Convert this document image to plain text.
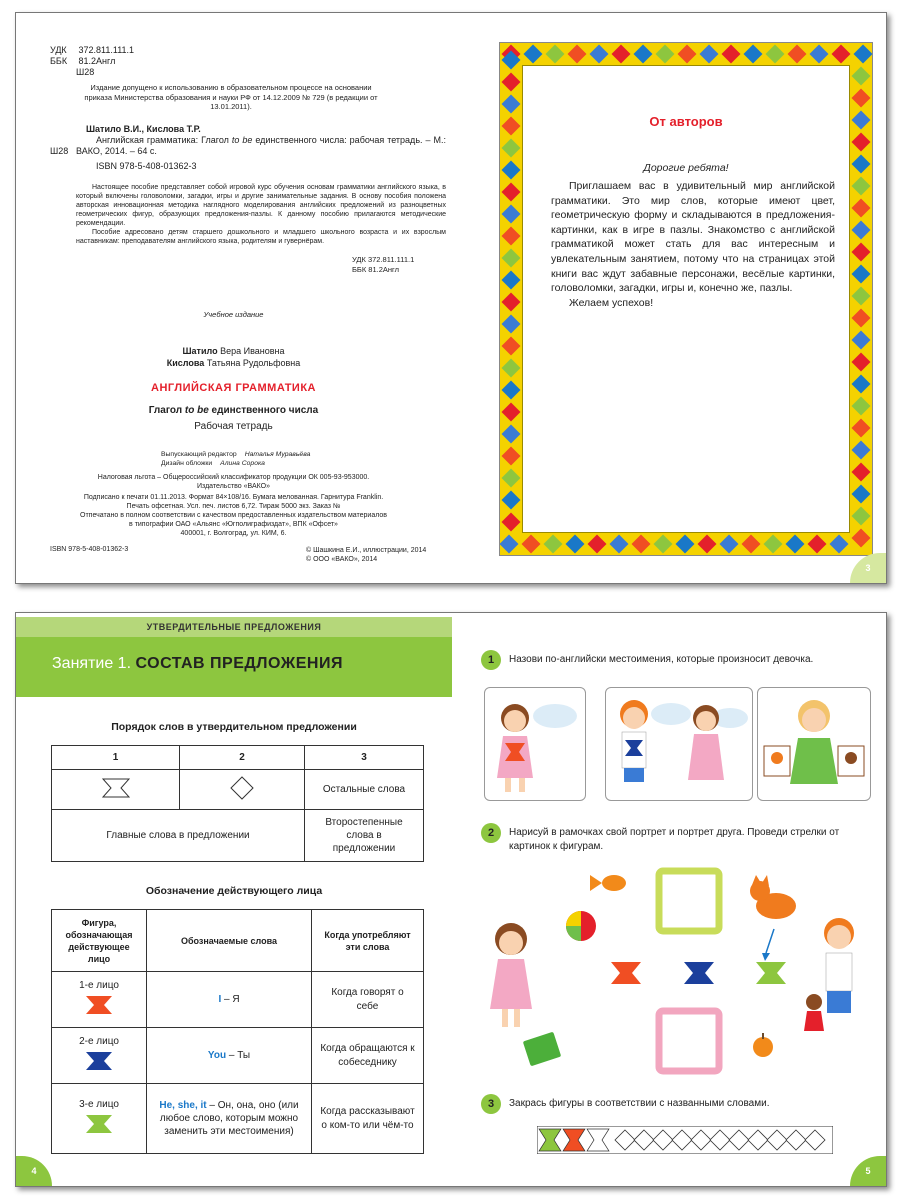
УДК 372.811.111.1
ББК 81.2Англ
Ш28
Издание допущено к использованию в образовательном процессе на основании приказа Министерства образования и науки РФ от 14.12.2009 № 729 (в редакции от 13.01.2011).
Шатило В.И., Кислова Т.Р.
Английская грамматика: Глагол to be единственного числа: рабочая тетрадь. – М.: ВАКО, 2014. – 64 с.
ISBN 978-5-408-01362-3
Ш28
Настоящее пособие представляет собой игровой курс обучения основам грамматики английского языка, в который включены головоломки, загадки, игры и другие занимательные задания. В основу пособия положена авторская инновационная методика наглядного моделирования английских предложений из разноцветных геометрических фигур, образующих предложения-пазлы. К данному пособию прилагаются методические рекомендации.
Пособие адресовано детям старшего дошкольного и младшего школьного возраста и их взрослым наставникам: преподавателям английского языка, родителям и гувернёрам.
УДК 372.811.111.1
ББК 81.2Англ
Учебное издание
Шатило Вера Ивановна
Кислова Татьяна Рудольфовна
АНГЛИЙСКАЯ ГРАММАТИКА
Глагол to be единственного числа
Рабочая тетрадь
Выпускающий редактор Наталья Муравьёва
Дизайн обложки Алина Сорока
Налоговая льгота – Общероссийский классификатор продукции ОК 005-93-953000.
Издательство «ВАКО»
Подписано к печати 01.11.2013. Формат 84×108/16. Бумага мелованная. Гарнитура Franklin.
Печать офсетная. Усл. печ. листов 6,72. Тираж 5000 экз. Заказ №
Отпечатано в полном соответствии с качеством предоставленных издательством материалов
в типографии ОАО «Альянс «Югполиграфиздат», ВПК «Офсет»
400001, г. Волгоград, ул. КИМ, 6.
ISBN 978-5-408-01362-3	© Шашкина Е.И., иллюстрации, 2014
© ООО «ВАКО», 2014
От авторов
Дорогие ребята!

Приглашаем вас в удивительный мир английской грамматики. Это мир слов, которые имеют цвет, геометрическую форму и складываются в предложения-картинки, как в игре в пазлы. Знакомство с английской грамматикой может стать для вас интересным и увлекательным занятием, потому что на страницах этой книги вас ждут забавные персонажи, весёлые картинки, головоломки, загадки, игры и, конечно же, пазлы.

Желаем успехов!

3
УТВЕРДИТЕЛЬНЫЕ ПРЕДЛОЖЕНИЯ
Занятие 1. СОСТАВ ПРЕДЛОЖЕНИЯ
Порядок слов в утвердительном предложении
1	2	3
		Остальные слова
Главные слова в предложении		Второстепенные слова в предложении
Обозначение действующего лица
Фигура, обозначающая действующее лицо	Обозначаемые слова	Когда употребляют эти слова

1-е лицо	I – Я	Когда говорят о себе

2-е лицо	You – Ты	Когда обращаются к собеседнику

3-е лицо	He, she, it – Он, она, оно (или любое слово, которым можно заменить эти местоимения)	Когда рассказывают о ком-то или чём-то
4
1	Назови по-английски местоимения, которые произносит девочка.
2	Нарисуй в рамочках свой портрет и портрет друга. Проведи стрелки от картинок к фигурам.
3	Закрась фигуры в соответствии с названными словами.
5
